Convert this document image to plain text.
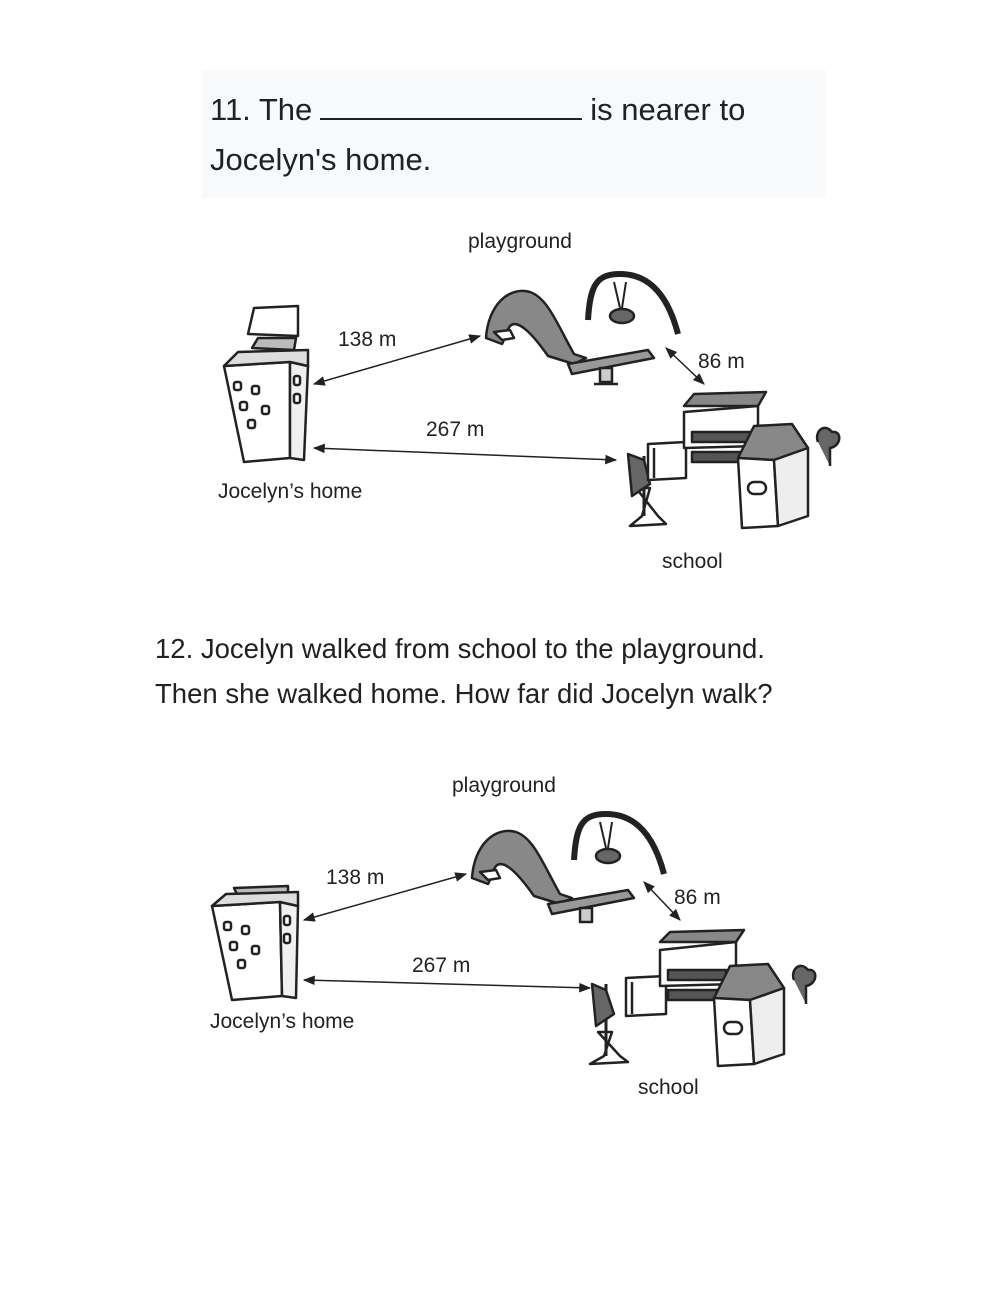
11. The	is nearer to
Jocelyn's home.
12. Jocelyn walked from school to the playground.
Then she walked home. How far did Jocelyn walk?
playground
Jocelyn’s home
school
138 m
267 m
86 m
playground
Jocelyn’s home
school
138 m
267 m
86 m
